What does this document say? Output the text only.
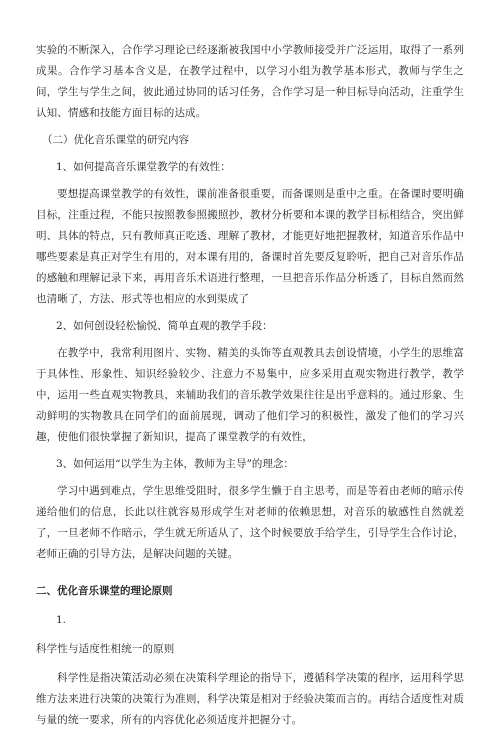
实验的不断深入，合作学习理论已经逐渐被我国中小学教师接受并广泛运用，取得了一系列成果。合作学习基本含义是，在教学过程中，以学习小组为教学基本形式，教师与学生之间，学生与学生之间，彼此通过协同的话习任务，合作学习是一种目标导向活动，注重学生认知、情感和技能方面目标的达成。

（二）优化音乐课堂的研究内容

1、如何提高音乐课堂教学的有效性：

要想提高课堂教学的有效性，课前准备很重要，而备课则是重中之重。在备课时要明确目标，注重过程，不能只按照教参照搬照抄，教材分析要和本课的教学目标相结合，突出鲜明、具体的特点，只有教师真正吃透、理解了教材，才能更好地把握教材，知道音乐作品中哪些要素是真正对学生有用的，对本课有用的，备课时首先要反复聆听，把自己对音乐作品的感触和理解记录下来，再用音乐术语进行整理，一旦把音乐作品分析透了，目标自然而然也清晰了，方法、形式等也相应的水到渠成了

2、如何创设轻松愉悦、简单直观的教学手段：

在教学中，我常利用图片、实物、精美的头饰等直观教具去创设情境，小学生的思维富于具体性、形象性、知识经验较少、注意力不易集中，应多采用直观实物进行教学，教学中，运用一些直观实物教具，来辅助我们的音乐教学效果往往是出乎意料的。通过形象、生动鲜明的实物教具在同学们的面前展现，调动了他们学习的积极性，激发了他们的学习兴趣，使他们很快掌握了新知识，提高了课堂教学的有效性，

3、如何运用“以学生为主体，教师为主导”的理念：

学习中遇到难点，学生思维受阻时，很多学生懒于自主思考，而是等着由老师的暗示传递给他们的信息，长此以往就容易形成学生对老师的依赖思想，对音乐的敏感性自然就差了，一旦老师不作暗示，学生就无所适从了，这个时候要放手给学生，引导学生合作讨论，老师正确的引导方法，是解决问题的关键。

二、优化音乐课堂的理论原则

1.

科学性与适度性相统一的原则

科学性是指决策活动必须在决策科学理论的指导下，遵循科学决策的程序，运用科学思维方法来进行决策的决策行为准则，科学决策是相对于经验决策而言的。再结合适度性对质与量的统一要求，所有的内容优化必须适度并把握分寸。
